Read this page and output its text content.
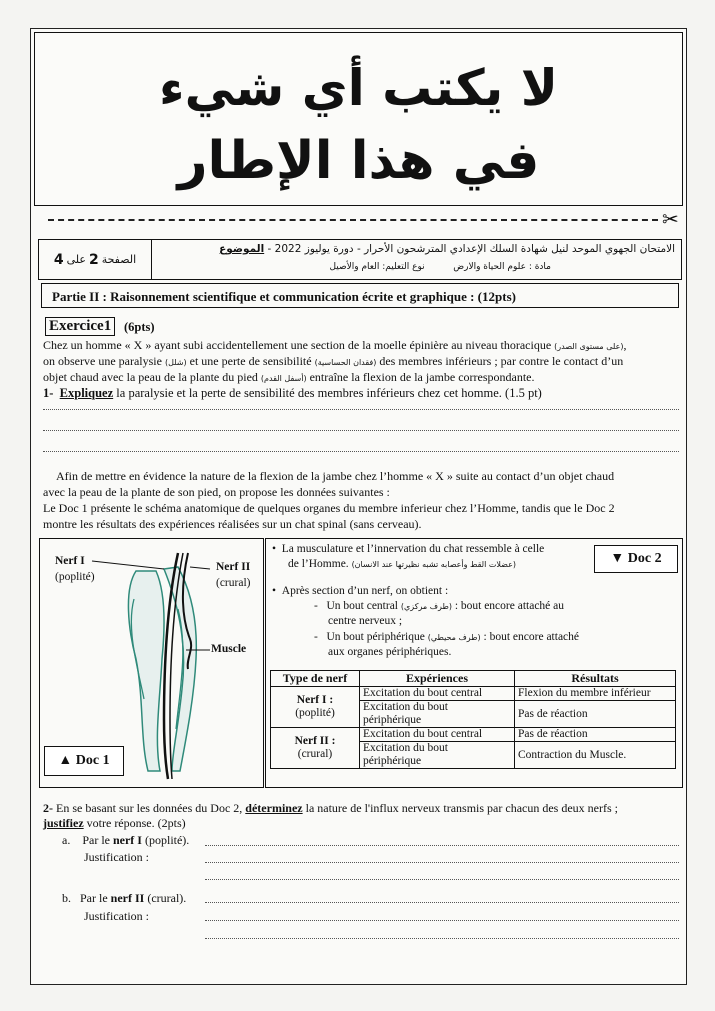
لا يكتب أي شيء
في هذا الإطار
✂
الصفحة
2
على
4
الامتحان الجهوي الموحد لنيل شهادة السلك الإعدادي المترشحون الأحرار - دورة يوليوز 2022 - الموضوع
مادة : علوم الحياة والارض          نوع التعليم: العام والأصيل
Partie II : Raisonnement scientifique et communication écrite et graphique : (12pts)
Exercice1	(6pts)
Chez un homme « X » ayant subi accidentellement une section de la moelle épinière au niveau thoracique (على مستوى الصدر),
on observe une paralysie (شلل) et une perte de sensibilité (فقدان الحساسية) des membres inférieurs ; par contre le contact d’un
objet chaud avec la peau de la plante du pied (أسفل القدم) entraîne la flexion de la jambe correspondante.
1- Expliquez la paralysie et la perte de sensibilité des membres inférieurs chez cet homme. (1.5 pt)
Afin de mettre en évidence la nature de la flexion de la jambe chez l’homme « X » suite au contact d’un objet chaud
avec la peau de la plante de son pied, on propose les données suivantes :
Le Doc 1 présente le schéma anatomique de quelques organes du membre inferieur chez l’Homme, tandis que le Doc 2
montre les résultats des expériences réalisées sur un chat spinal (sans cerveau).
Nerf I
(poplité)
Nerf II
(crural)
Muscle
▲ Doc 1
▼ Doc 2
•  La musculature et l’innervation du chat ressemble à celle
de l’Homme. (عضلات القط وأعصابه تشبه نظيرتها عند الانسان)
•  Après section d’un nerf, on obtient :
-   Un bout central (طرف مركزي) : bout encore attaché au
centre nerveux ;
-   Un bout périphérique (طرف محيطي) : bout encore attaché
aux organes périphériques.
Type de nerf	Expériences	Résultats
Nerf I :
(poplité)	Excitation du bout central	Flexion du membre inférieur
	Excitation du bout
périphérique	Pas de réaction
Nerf II :
(crural)	Excitation du bout central	Pas de réaction
	Excitation du bout
périphérique	Contraction du Muscle.
2- En se basant sur les données du Doc 2, déterminez la nature de l'influx nerveux transmis par chacun des deux nerfs ;
justifiez votre réponse. (2pts)
a. Par le nerf I (poplité).
Justification :
b. Par le nerf II (crural).
Justification :
